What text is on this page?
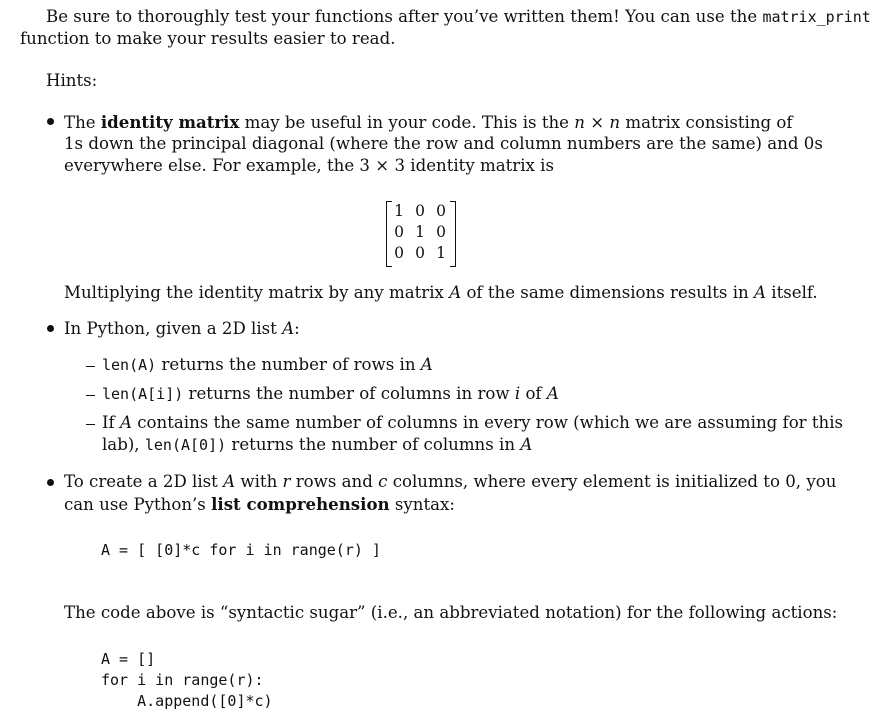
Be sure to thoroughly test your functions after you’ve written them! You can use the matrix_print
function to make your results easier to read.
Hints:
The identity matrix may be useful in your code. This is the n × n matrix consisting of
1s down the principal diagonal (where the row and column numbers are the same) and 0s
everywhere else. For example, the 3 × 3 identity matrix is
1 0 0
0 1 0
0 0 1
Multiplying the identity matrix by any matrix A of the same dimensions results in A itself.
In Python, given a 2D list A:
len(A) returns the number of rows in A
len(A[i]) returns the number of columns in row i of A
If A contains the same number of columns in every row (which we are assuming for this
lab), len(A[0]) returns the number of columns in A
To create a 2D list A with r rows and c columns, where every element is initialized to 0, you
can use Python’s list comprehension syntax:
A = [ [0]*c for i in range(r) ]
The code above is “syntactic sugar” (i.e., an abbreviated notation) for the following actions:
A = []
for i in range(r):
A.append([0]*c)
